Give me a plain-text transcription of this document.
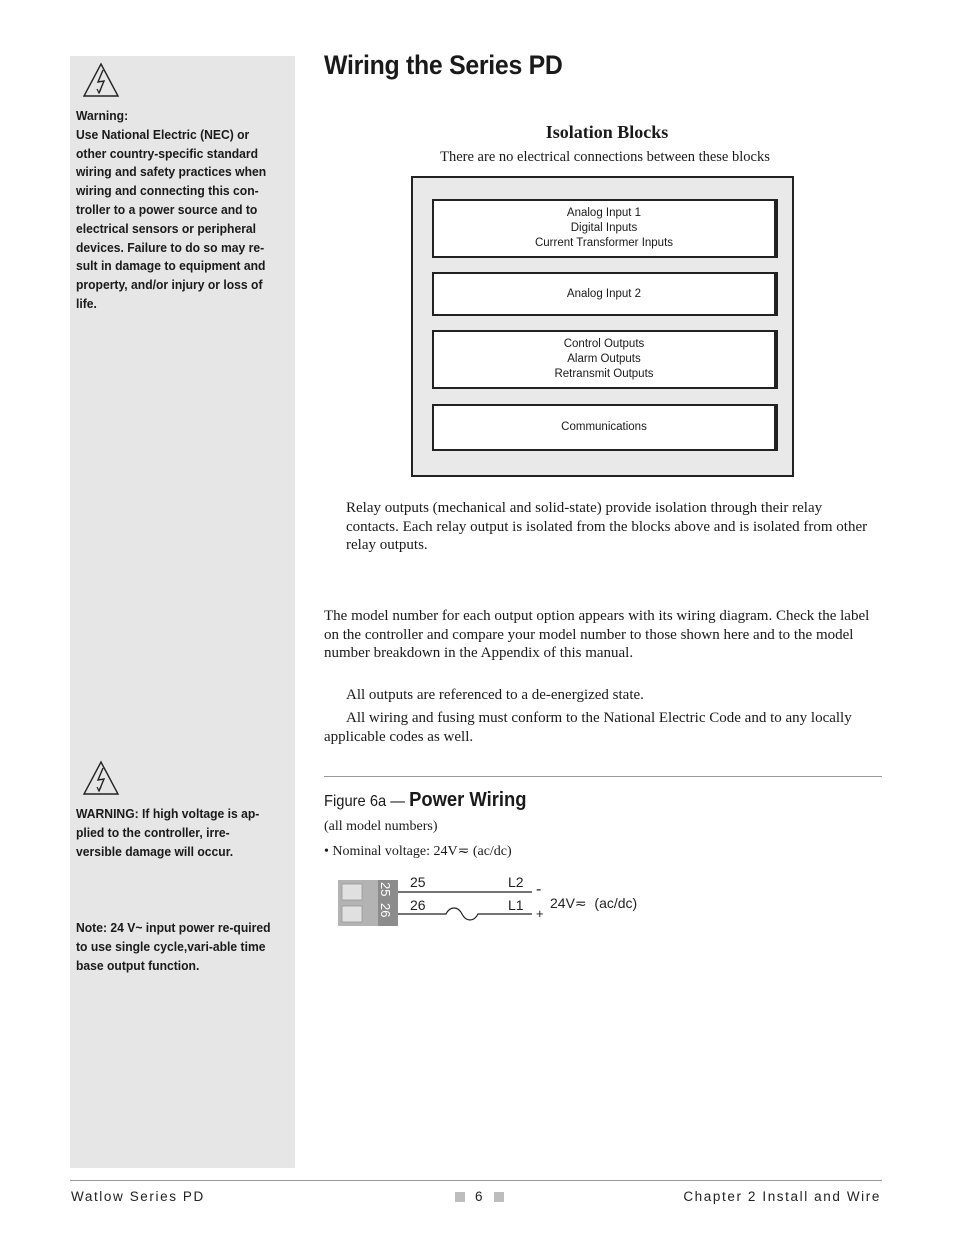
Warning:
Use National Electric (NEC) or other country-specific standard wiring and safety practices when wiring and connecting this con-troller to a power source and to electrical sensors or peripheral devices. Failure to do so may re-sult in damage to equipment and property, and/or injury or loss of life.
WARNING: If high voltage is ap-plied to the controller, irre-versible damage will occur.
Note: 24 V~ input power re-quired to use single cycle,vari-able time base output function.
Wiring the Series PD
Isolation Blocks
There are no electrical connections between these blocks
Analog Input 1
Digital Inputs
Current Transformer Inputs
Analog Input 2
Control Outputs
Alarm Outputs
Retransmit Outputs
Communications

Relay outputs (mechanical and solid-state) provide isolation through their relay contacts. Each relay output is isolated from the blocks above and is isolated from other relay outputs.

The model number for each output option appears with its wiring diagram. Check the label on the controller and compare your model number to those shown here and to the model number breakdown in the Appendix of this manual.

All outputs are referenced to a de-energized state.

All wiring and fusing must conform to the National Electric Code and to any locally applicable codes as well.

Figure 6a — Power Wiring
(all model numbers)
• Nominal voltage: 24V≂ (ac/dc)
25
26
25
26
L2
L1
-
+
24V≂  (ac/dc)
Watlow Series PD	6	Chapter 2 Install and Wire
